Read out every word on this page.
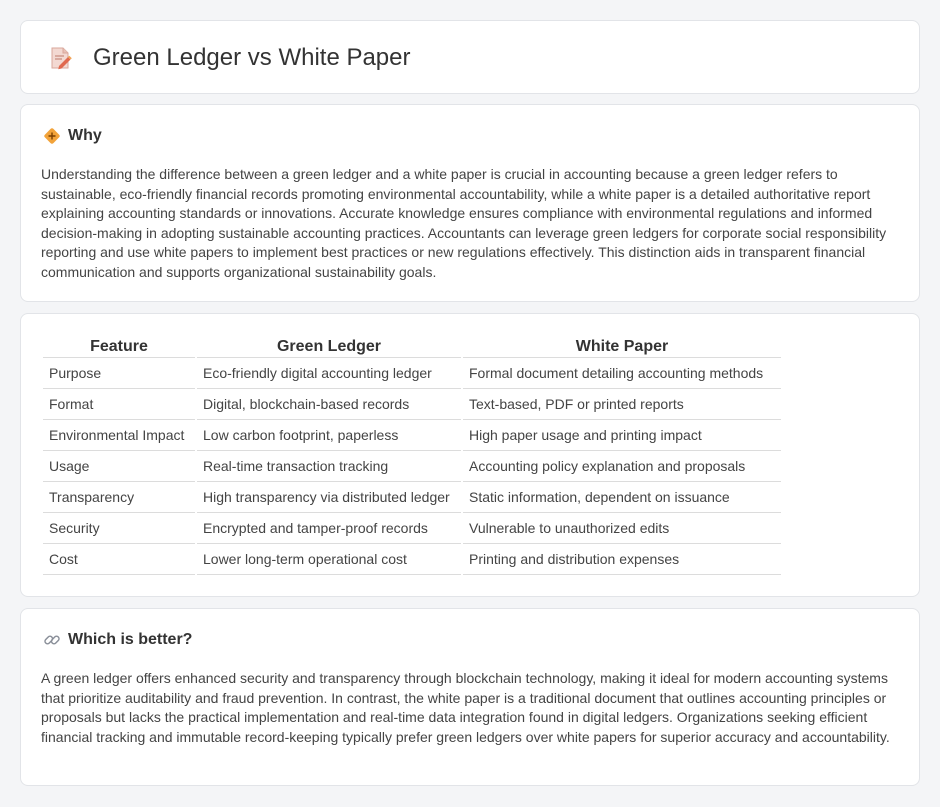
Green Ledger vs White Paper
Why

Understanding the difference between a green ledger and a white paper is crucial in accounting because a green ledger refers to sustainable, eco-friendly financial records promoting environmental accountability, while a white paper is a detailed authoritative report explaining accounting standards or innovations. Accurate knowledge ensures compliance with environmental regulations and informed decision-making in adopting sustainable accounting practices. Accountants can leverage green ledgers for corporate social responsibility reporting and use white papers to implement best practices or new regulations effectively. This distinction aids in transparent financial communication and supports organizational sustainability goals.

Feature	Green Ledger	White Paper
Purpose	Eco-friendly digital accounting ledger	Formal document detailing accounting methods
Format	Digital, blockchain-based records	Text-based, PDF or printed reports
Environmental Impact	Low carbon footprint, paperless	High paper usage and printing impact
Usage	Real-time transaction tracking	Accounting policy explanation and proposals
Transparency	High transparency via distributed ledger	Static information, dependent on issuance
Security	Encrypted and tamper-proof records	Vulnerable to unauthorized edits
Cost	Lower long-term operational cost	Printing and distribution expenses
Which is better?

A green ledger offers enhanced security and transparency through blockchain technology, making it ideal for modern accounting systems that prioritize auditability and fraud prevention. In contrast, the white paper is a traditional document that outlines accounting principles or proposals but lacks the practical implementation and real-time data integration found in digital ledgers. Organizations seeking efficient financial tracking and immutable record-keeping typically prefer green ledgers over white papers for superior accuracy and accountability.
